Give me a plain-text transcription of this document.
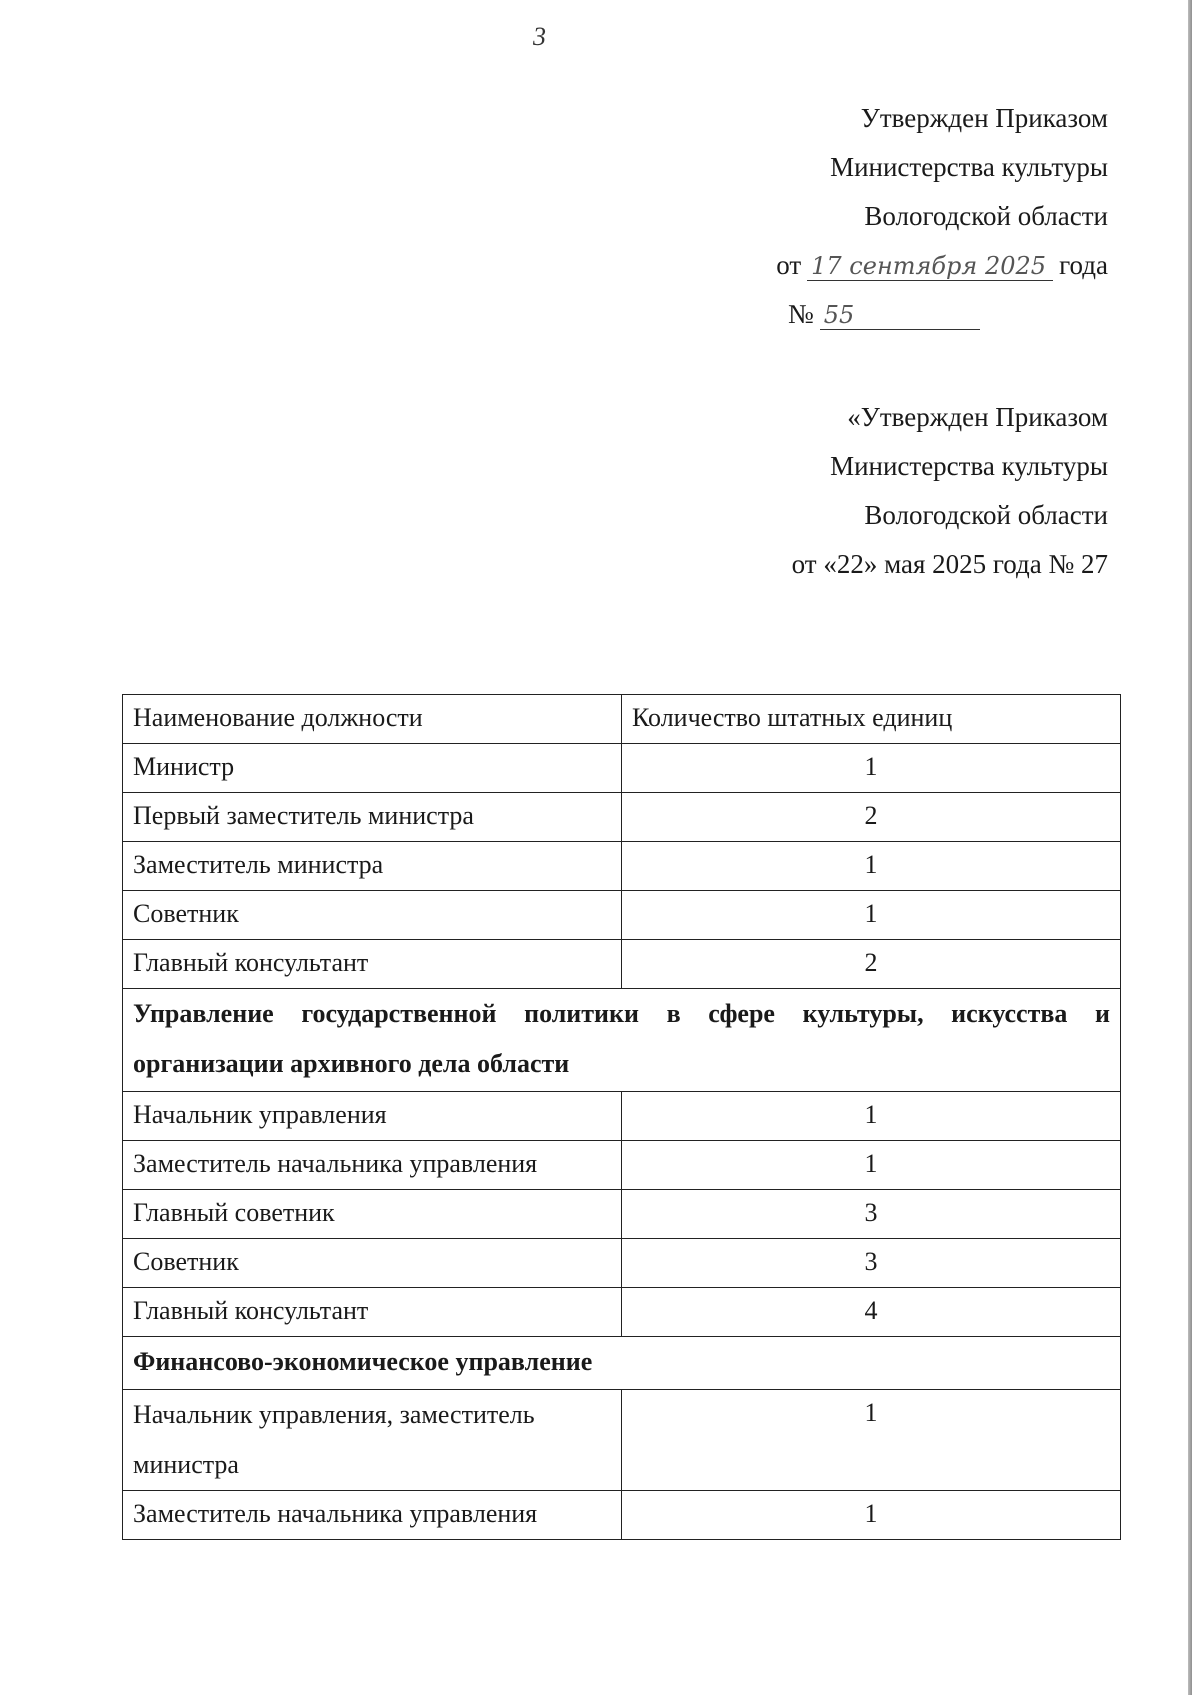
3
Утвержден Приказом
Министерства культуры
Вологодской области
от 17 сентября 2025 года
№ 55
«Утвержден Приказом
Министерства культуры
Вологодской области
от «22» мая 2025 года № 27
Наименование должности	Количество штатных единиц
Министр	1
Первый заместитель министра	2
Заместитель министра	1
Советник	1
Главный консультант	2
Управление государственной политики в сфере культуры, искусства и организации архивного дела области	
Начальник управления	1
Заместитель начальника управления	1
Главный советник	3
Советник	3
Главный консультант	4
Финансово-экономическое управление	
Начальник управления, заместитель министра	1
Заместитель начальника управления	1
